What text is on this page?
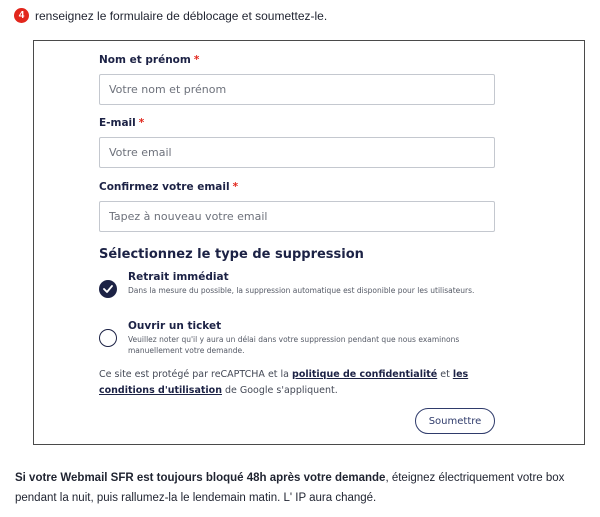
4 renseignez le formulaire de déblocage et soumettez-le.
Nom et prénom *
Votre nom et prénom
E-mail *
Votre email
Confirmez votre email *
Tapez à nouveau votre email
Sélectionnez le type de suppression
Retrait immédiat
Dans la mesure du possible, la suppression automatique est disponible pour les utilisateurs.
Ouvrir un ticket
Veuillez noter qu'il y aura un délai dans votre suppression pendant que nous examinons manuellement votre demande.
Ce site est protégé par reCAPTCHA et la politique de confidentialité et les conditions d'utilisation de Google s'appliquent.
Soumettre
Si votre Webmail SFR est toujours bloqué 48h après votre demande, éteignez électriquement votre box pendant la nuit, puis rallumez-la le lendemain matin. L' IP aura changé.
